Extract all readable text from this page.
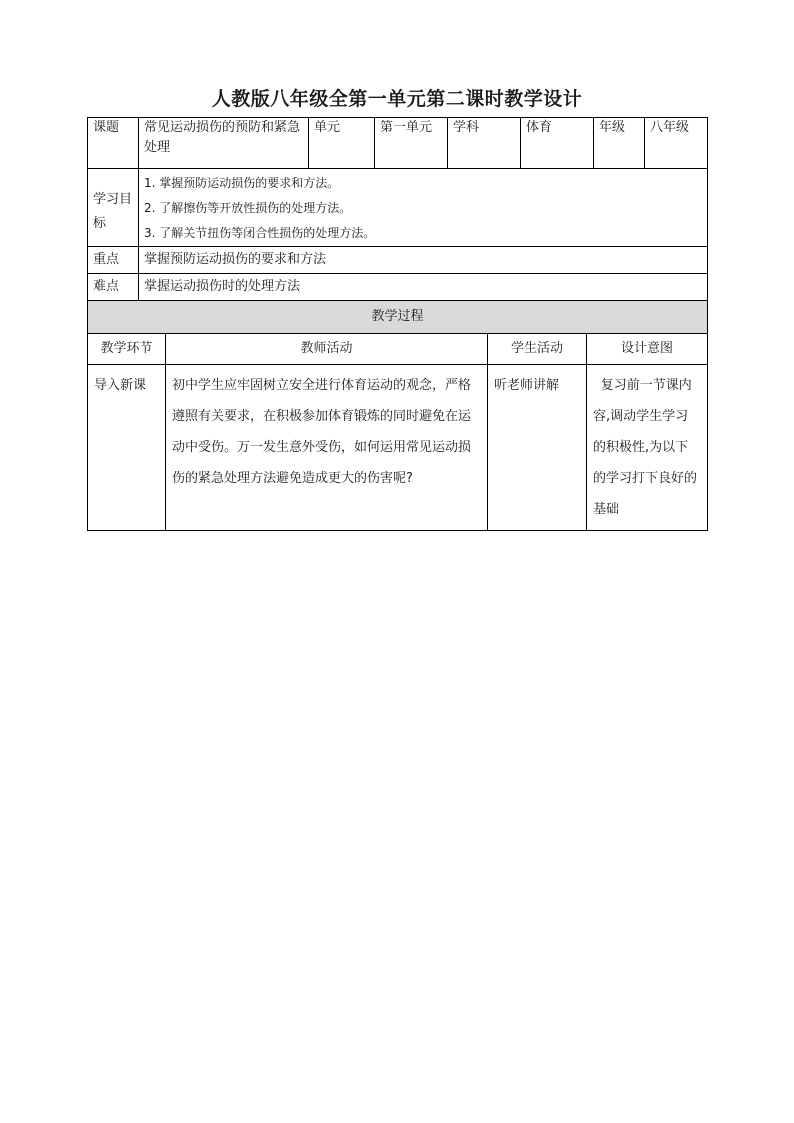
人教版八年级全第一单元第二课时教学设计
课题	常见运动损伤的预防和紧急处理	单元	第一单元	学科	体育	年级	八年级
学习目标	1. 掌握预防运动损伤的要求和方法。
2. 了解擦伤等开放性损伤的处理方法。
3. 了解关节扭伤等闭合性损伤的处理方法。						

重点	掌握预防运动损伤的要求和方法						
难点	掌握运动损伤时的处理方法						
教学过程			
教学环节	教师活动	学生活动	设计意图
导入新课	初中学生应牢固树立安全进行体育运动的观念，严格遵照有关要求，在积极参加体育锻炼的同时避免在运动中受伤。万一发生意外受伤，如何运用常见运动损伤的紧急处理方法避免造成更大的伤害呢?	听老师讲解	复习前一节课内容,调动学生学习的积极性,为以下的学习打下良好的基础
